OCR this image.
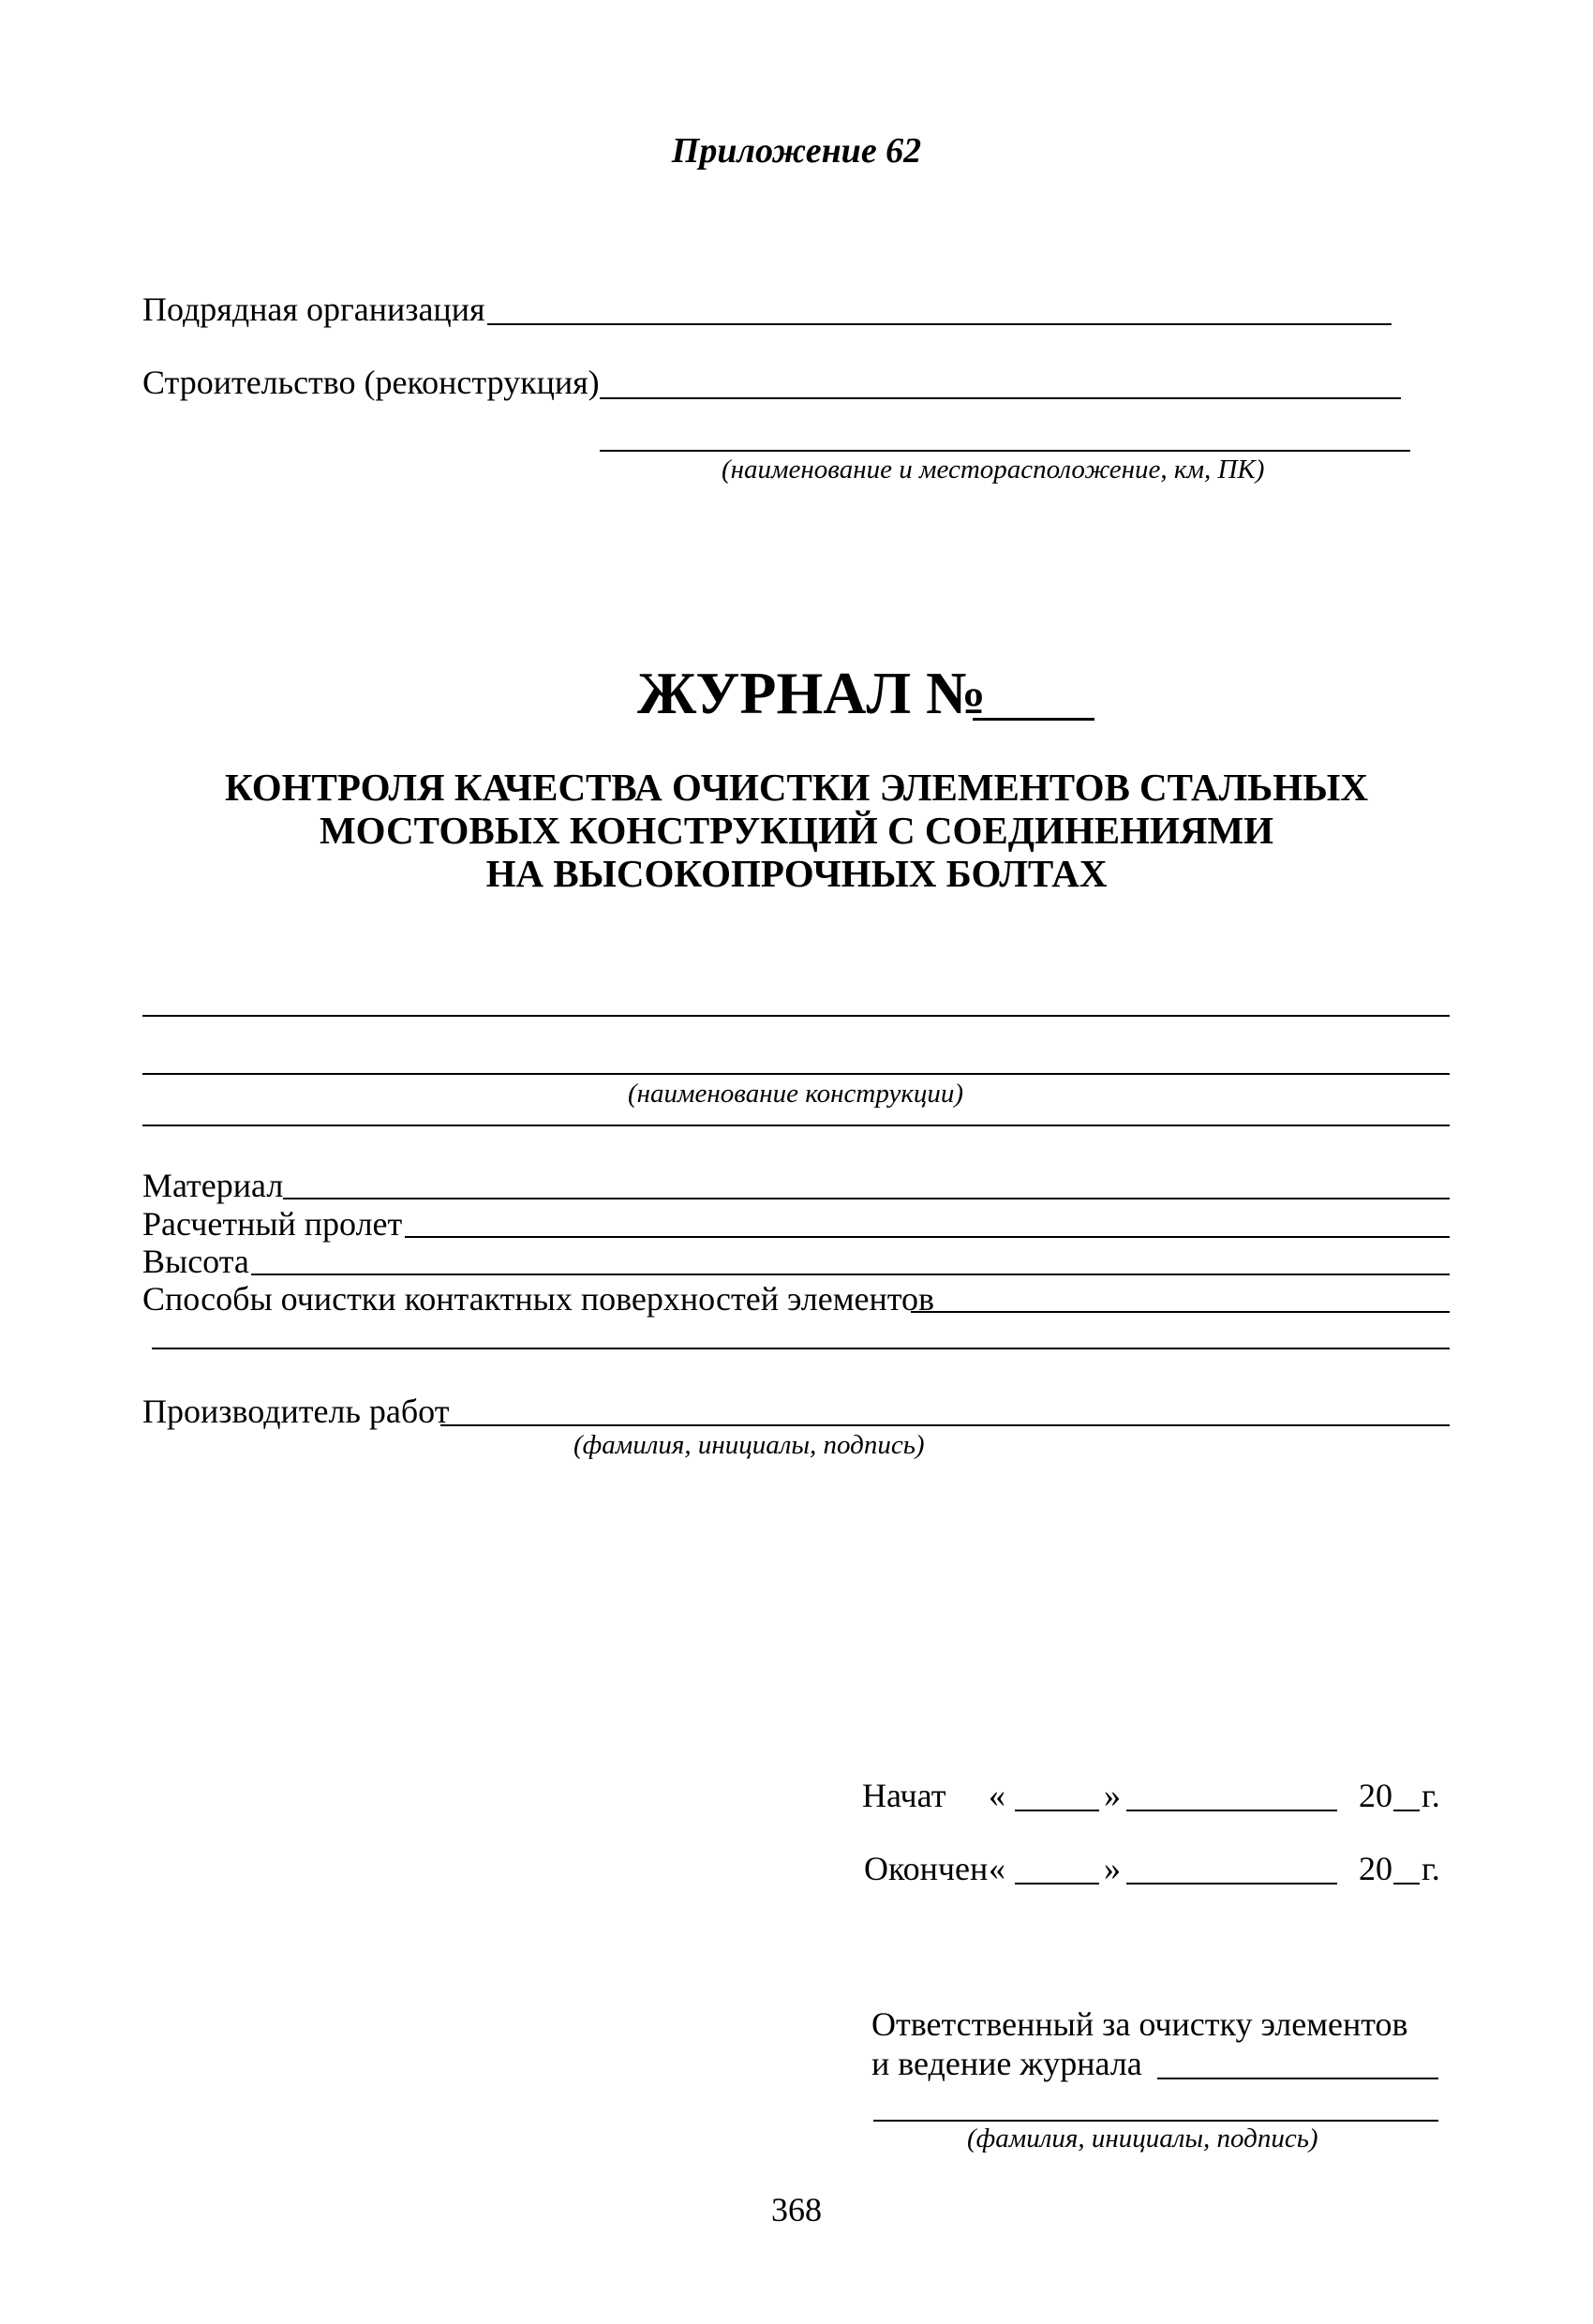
Приложение 62
Подрядная организация
Строительство (реконструкция)
(наименование и месторасположение, км, ПК)
ЖУРНАЛ №
КОНТРОЛЯ КАЧЕСТВА ОЧИСТКИ ЭЛЕМЕНТОВ СТАЛЬНЫХ
МОСТОВЫХ КОНСТРУКЦИЙ С СОЕДИНЕНИЯМИ
НА ВЫСОКОПРОЧНЫХ БОЛТАХ
(наименование конструкции)
Материал
Расчетный пролет
Высота
Способы очистки контактных поверхностей элементов
Производитель работ
(фамилия, инициалы, подпись)
Начат «	»	20 г.
Окончен «	»	20 г.
Ответственный за очистку элементов
и ведение журнала
(фамилия, инициалы, подпись)
368
